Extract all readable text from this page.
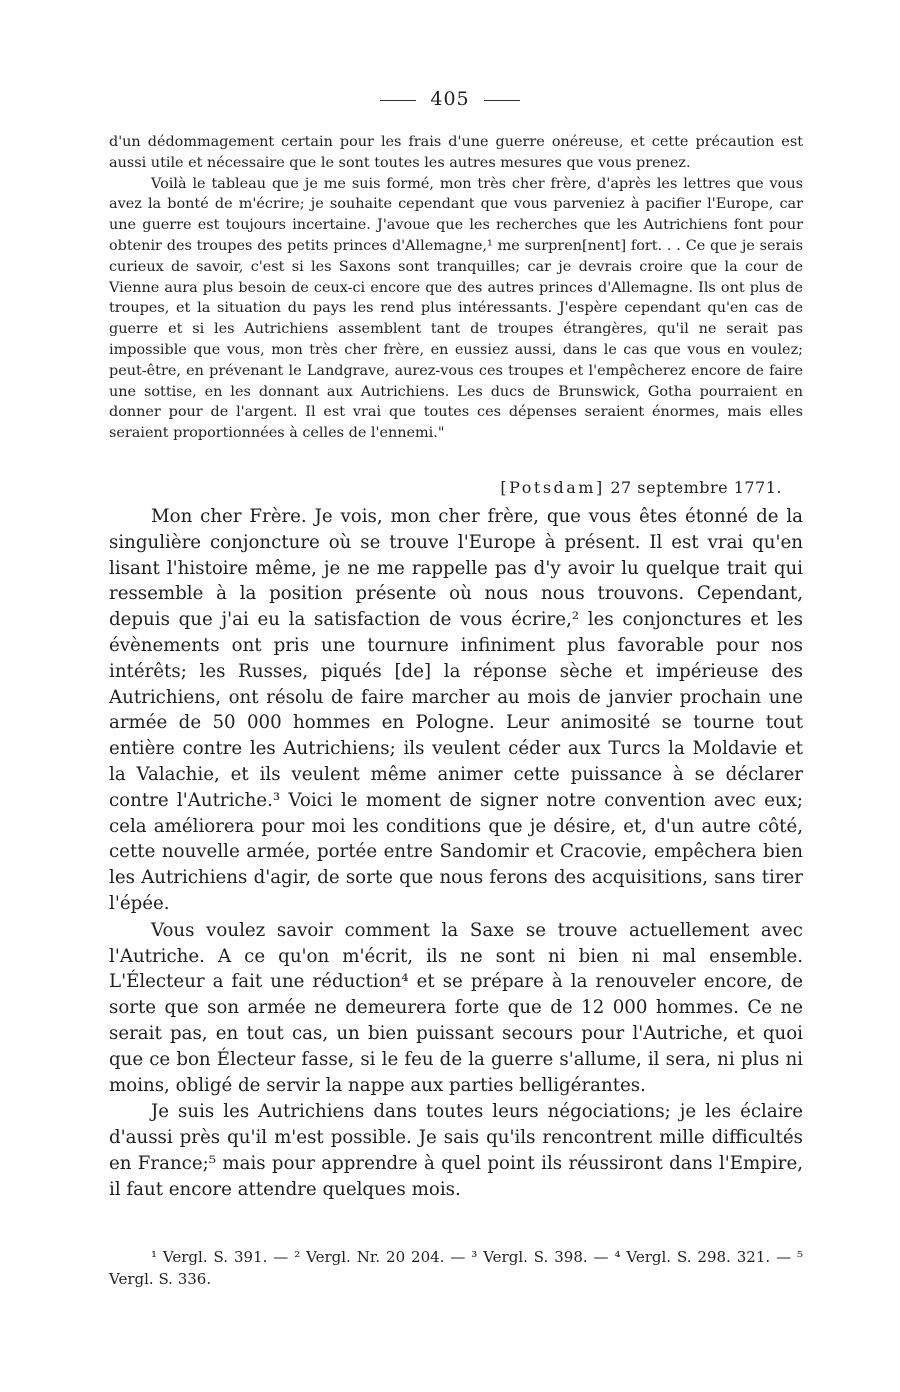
405

d'un dédommagement certain pour les frais d'une guerre onéreuse, et cette précaution est aussi utile et nécessaire que le sont toutes les autres mesures que vous prenez.

Voilà le tableau que je me suis formé, mon très cher frère, d'après les lettres que vous avez la bonté de m'écrire; je souhaite cependant que vous parveniez à pacifier l'Europe, car une guerre est toujours incertaine. J'avoue que les recherches que les Autrichiens font pour obtenir des troupes des petits princes d'Allemagne,¹ me surpren[nent] fort. . . Ce que je serais curieux de savoir, c'est si les Saxons sont tranquilles; car je devrais croire que la cour de Vienne aura plus besoin de ceux-ci encore que des autres princes d'Allemagne. Ils ont plus de troupes, et la situation du pays les rend plus intéressants. J'espère cependant qu'en cas de guerre et si les Autrichiens assemblent tant de troupes étrangères, qu'il ne serait pas impossible que vous, mon très cher frère, en eussiez aussi, dans le cas que vous en voulez; peut-être, en prévenant le Landgrave, aurez-vous ces troupes et l'empêcherez encore de faire une sottise, en les donnant aux Autrichiens. Les ducs de Brunswick, Gotha pourraient en donner pour de l'argent. Il est vrai que toutes ces dépenses seraient énormes, mais elles seraient proportionnées à celles de l'ennemi."

[Potsdam] 27 septembre 1771.

Mon cher Frère. Je vois, mon cher frère, que vous êtes étonné de la singulière conjoncture où se trouve l'Europe à présent. Il est vrai qu'en lisant l'histoire même, je ne me rappelle pas d'y avoir lu quelque trait qui ressemble à la position présente où nous nous trouvons. Cependant, depuis que j'ai eu la satisfaction de vous écrire,² les conjonctures et les évènements ont pris une tournure infiniment plus favorable pour nos intérêts; les Russes, piqués [de] la réponse sèche et impérieuse des Autrichiens, ont résolu de faire marcher au mois de janvier prochain une armée de 50 000 hommes en Pologne. Leur animosité se tourne tout entière contre les Autrichiens; ils veulent céder aux Turcs la Moldavie et la Valachie, et ils veulent même animer cette puissance à se déclarer contre l'Autriche.³ Voici le moment de signer notre convention avec eux; cela améliorera pour moi les conditions que je désire, et, d'un autre côté, cette nouvelle armée, portée entre Sandomir et Cracovie, empêchera bien les Autrichiens d'agir, de sorte que nous ferons des acquisitions, sans tirer l'épée.

Vous voulez savoir comment la Saxe se trouve actuellement avec l'Autriche. A ce qu'on m'écrit, ils ne sont ni bien ni mal ensemble. L'Électeur a fait une réduction⁴ et se prépare à la renouveler encore, de sorte que son armée ne demeurera forte que de 12 000 hommes. Ce ne serait pas, en tout cas, un bien puissant secours pour l'Autriche, et quoi que ce bon Électeur fasse, si le feu de la guerre s'allume, il sera, ni plus ni moins, obligé de servir la nappe aux parties belligérantes.

Je suis les Autrichiens dans toutes leurs négociations; je les éclaire d'aussi près qu'il m'est possible. Je sais qu'ils rencontrent mille difficultés en France;⁵ mais pour apprendre à quel point ils réussiront dans l'Empire, il faut encore attendre quelques mois.

¹ Vergl. S. 391. — ² Vergl. Nr. 20 204. — ³ Vergl. S. 398. — ⁴ Vergl. S. 298. 321. — ⁵ Vergl. S. 336.
